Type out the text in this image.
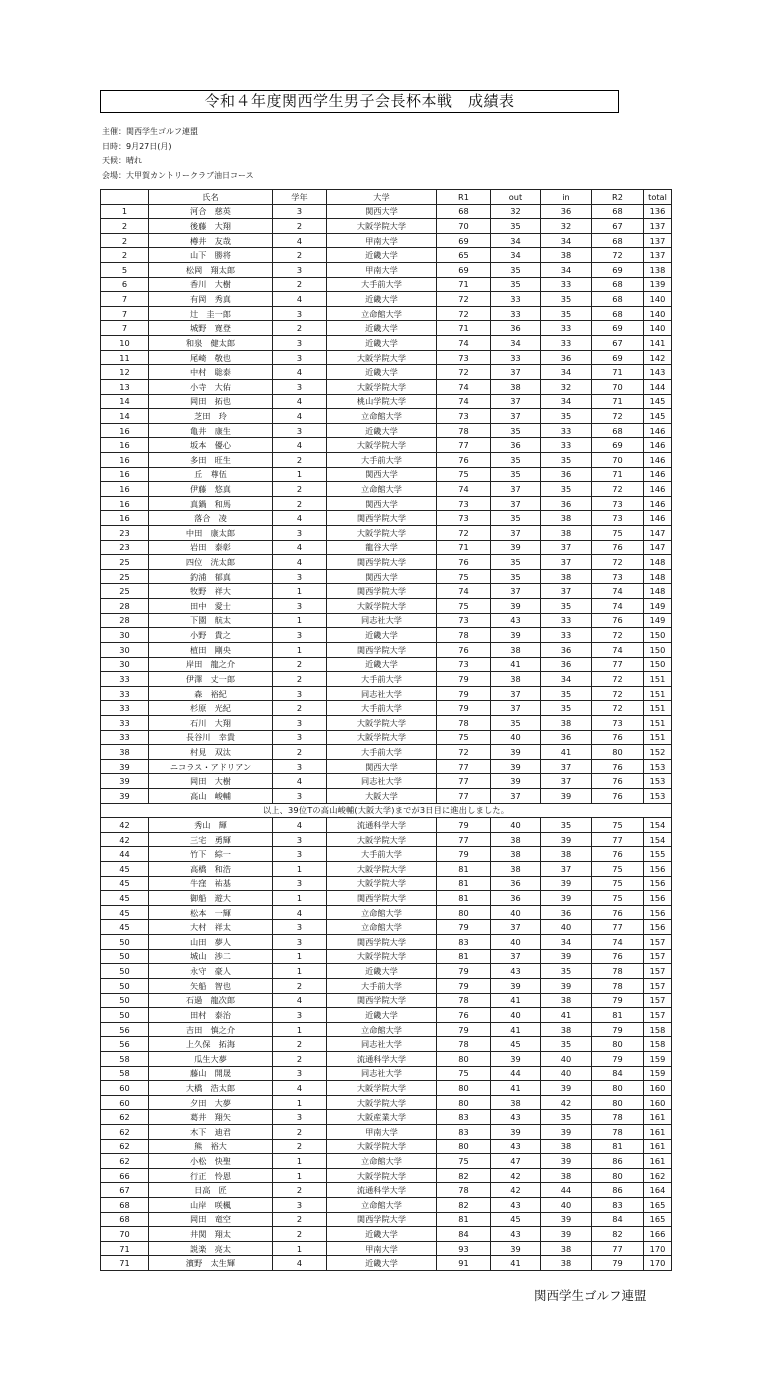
令和４年度関西学生男子会長杯本戦　成績表
主催：関西学生ゴルフ連盟
日時：9月27日(月)
天候：晴れ
会場：大甲賀カントリークラブ油日コース
	氏名	学年	大学	R1	out	in	R2	total
1	河合　慈英	3	関西大学	68	32	36	68	136
2	後藤　大翔	2	大阪学院大学	70	35	32	67	137
2	樽井　友哉	4	甲南大学	69	34	34	68	137
2	山下　勝将	2	近畿大学	65	34	38	72	137
5	松岡　翔太郎	3	甲南大学	69	35	34	69	138
6	香川　大樹	2	大手前大学	71	35	33	68	139
7	有岡　秀真	4	近畿大学	72	33	35	68	140
7	辻　圭一郎	3	立命館大学	72	33	35	68	140
7	城野　寛登	2	近畿大学	71	36	33	69	140
10	和泉　健太郎	3	近畿大学	74	34	33	67	141
11	尾崎　敬也	3	大阪学院大学	73	33	36	69	142
12	中村　聡泰	4	近畿大学	72	37	34	71	143
13	小寺　大佑	3	大阪学院大学	74	38	32	70	144
14	岡田　拓也	4	桃山学院大学	74	37	34	71	145
14	芝田　玲	4	立命館大学	73	37	35	72	145
16	亀井　康生	3	近畿大学	78	35	33	68	146
16	坂本　優心	4	大阪学院大学	77	36	33	69	146
16	多田　旺生	2	大手前大学	76	35	35	70	146
16	丘　尊伍	1	関西大学	75	35	36	71	146
16	伊藤　悠真	2	立命館大学	74	37	35	72	146
16	真鍋　和馬	2	関西大学	73	37	36	73	146
16	落合　凌	4	関西学院大学	73	35	38	73	146
23	中田　康太郎	3	大阪学院大学	72	37	38	75	147
23	岩田　泰彰	4	龍谷大学	71	39	37	76	147
25	四位　洸太郎	4	関西学院大学	76	35	37	72	148
25	釣浦　郁真	3	関西大学	75	35	38	73	148
25	牧野　祥大	1	関西学院大学	74	37	37	74	148
28	田中　愛士	3	大阪学院大学	75	39	35	74	149
28	下園　航太	1	同志社大学	73	43	33	76	149
30	小野　貴之	3	近畿大学	78	39	33	72	150
30	植田　剛央	1	関西学院大学	76	38	36	74	150
30	岸田　龍之介	2	近畿大学	73	41	36	77	150
33	伊澤　丈一郎	2	大手前大学	79	38	34	72	151
33	森　裕紀	3	同志社大学	79	37	35	72	151
33	杉原　光紀	2	大手前大学	79	37	35	72	151
33	石川　大翔	3	大阪学院大学	78	35	38	73	151
33	長谷川　幸貴	3	大阪学院大学	75	40	36	76	151
38	村見　双汰	2	大手前大学	72	39	41	80	152
39	ニコラス・アドリアン	3	関西大学	77	39	37	76	153
39	岡田　大樹	4	同志社大学	77	39	37	76	153
39	高山　峻輔	3	大阪大学	77	37	39	76	153
以上、39位Tの高山峻輔(大阪大学)までが3日目に進出しました。								
42	秀山　輝	4	流通科学大学	79	40	35	75	154
42	三宅　勇輝	3	大阪学院大学	77	38	39	77	154
44	竹下　綜一	3	大手前大学	79	38	38	76	155
45	高橋　和浩	1	大阪学院大学	81	38	37	75	156
45	牛窪　祐基	3	大阪学院大学	81	36	39	75	156
45	御船　遊大	1	関西学院大学	81	36	39	75	156
45	松本　一輝	4	立命館大学	80	40	36	76	156
45	大村　祥太	3	立命館大学	79	37	40	77	156
50	山田　夢人	3	関西学院大学	83	40	34	74	157
50	城山　渉二	1	大阪学院大学	81	37	39	76	157
50	永守　豪人	1	近畿大学	79	43	35	78	157
50	矢船　智也	2	大手前大学	79	39	39	78	157
50	石過　龍次郎	4	関西学院大学	78	41	38	79	157
50	田村　泰治	3	近畿大学	76	40	41	81	157
56	吉田　慎之介	1	立命館大学	79	41	38	79	158
56	上久保　拓海	2	同志社大学	78	45	35	80	158
58	瓜生大夢	2	流通科学大学	80	39	40	79	159
58	藤山　開晟	3	同志社大学	75	44	40	84	159
60	大橋　浩太郎	4	大阪学院大学	80	41	39	80	160
60	夕田　大夢	1	大阪学院大学	80	38	42	80	160
62	葛井　翔矢	3	大阪産業大学	83	43	35	78	161
62	木下　迪君	2	甲南大学	83	39	39	78	161
62	熊　裕大	2	大阪学院大学	80	43	38	81	161
62	小松　快聖	1	立命館大学	75	47	39	86	161
66	行正　怜恩	1	大阪学院大学	82	42	38	80	162
67	日高　匠	2	流通科学大学	78	42	44	86	164
68	山岸　咲楓	3	立命館大学	82	43	40	83	165
68	岡田　竜空	2	関西学院大学	81	45	39	84	165
70	井関　翔太	2	近畿大学	84	43	39	82	166
71	説楽　亮太	1	甲南大学	93	39	38	77	170
71	濱野　太生輝	4	近畿大学	91	41	38	79	170
関西学生ゴルフ連盟
